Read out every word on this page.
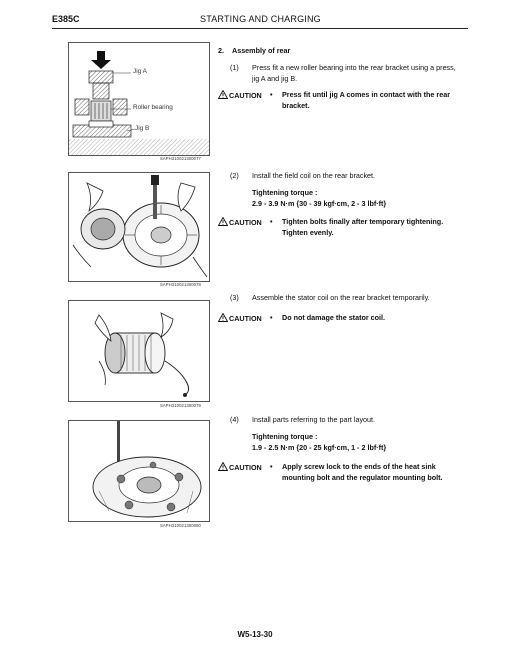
E385C	STARTING AND CHARGING
Jig A
Roller bearing
Jig B
SAPH310021300077
SAPH310021300078
SAPH310021300079
SAPH310021300080
2. Assembly of rear
(1) Press fit a new roller bearing into the rear bracket using a press, jig A and jig B.
CAUTION • Press fit until jig A comes in contact with the rear bracket.
(2) Install the field coil on the rear bracket.
Tightening torque :
2.9 - 3.9 N·m {30 - 39 kgf·cm, 2 - 3 lbf·ft}
CAUTION • Tighten bolts finally after temporary tightening. Tighten evenly.
(3) Assemble the stator coil on the rear bracket temporarily.
CAUTION • Do not damage the stator coil.
(4) Install parts referring to the part layout.
Tightening torque :
1.9 - 2.5 N·m {20 - 25 kgf·cm, 1 - 2 lbf·ft}
CAUTION • Apply screw lock to the ends of the heat sink mounting bolt and the regulator mounting bolt.
W5-13-30
